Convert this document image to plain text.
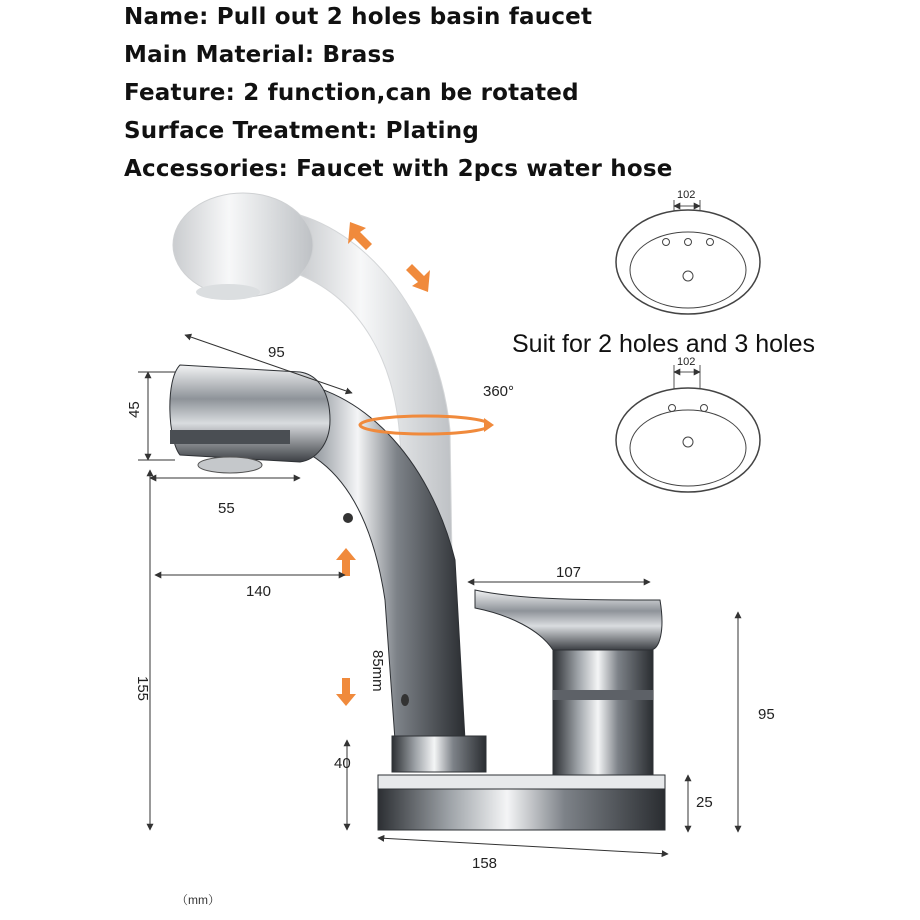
Name: Pull out 2 holes basin faucet
Main Material: Brass
Feature: 2 function,can be rotated
Surface Treatment: Plating
Accessories: Faucet with 2pcs water hose
95
45
360°
55
140
107
85mm
155
40
95
25
158
（mm）
102
Suit for 2 holes and 3 holes
102
